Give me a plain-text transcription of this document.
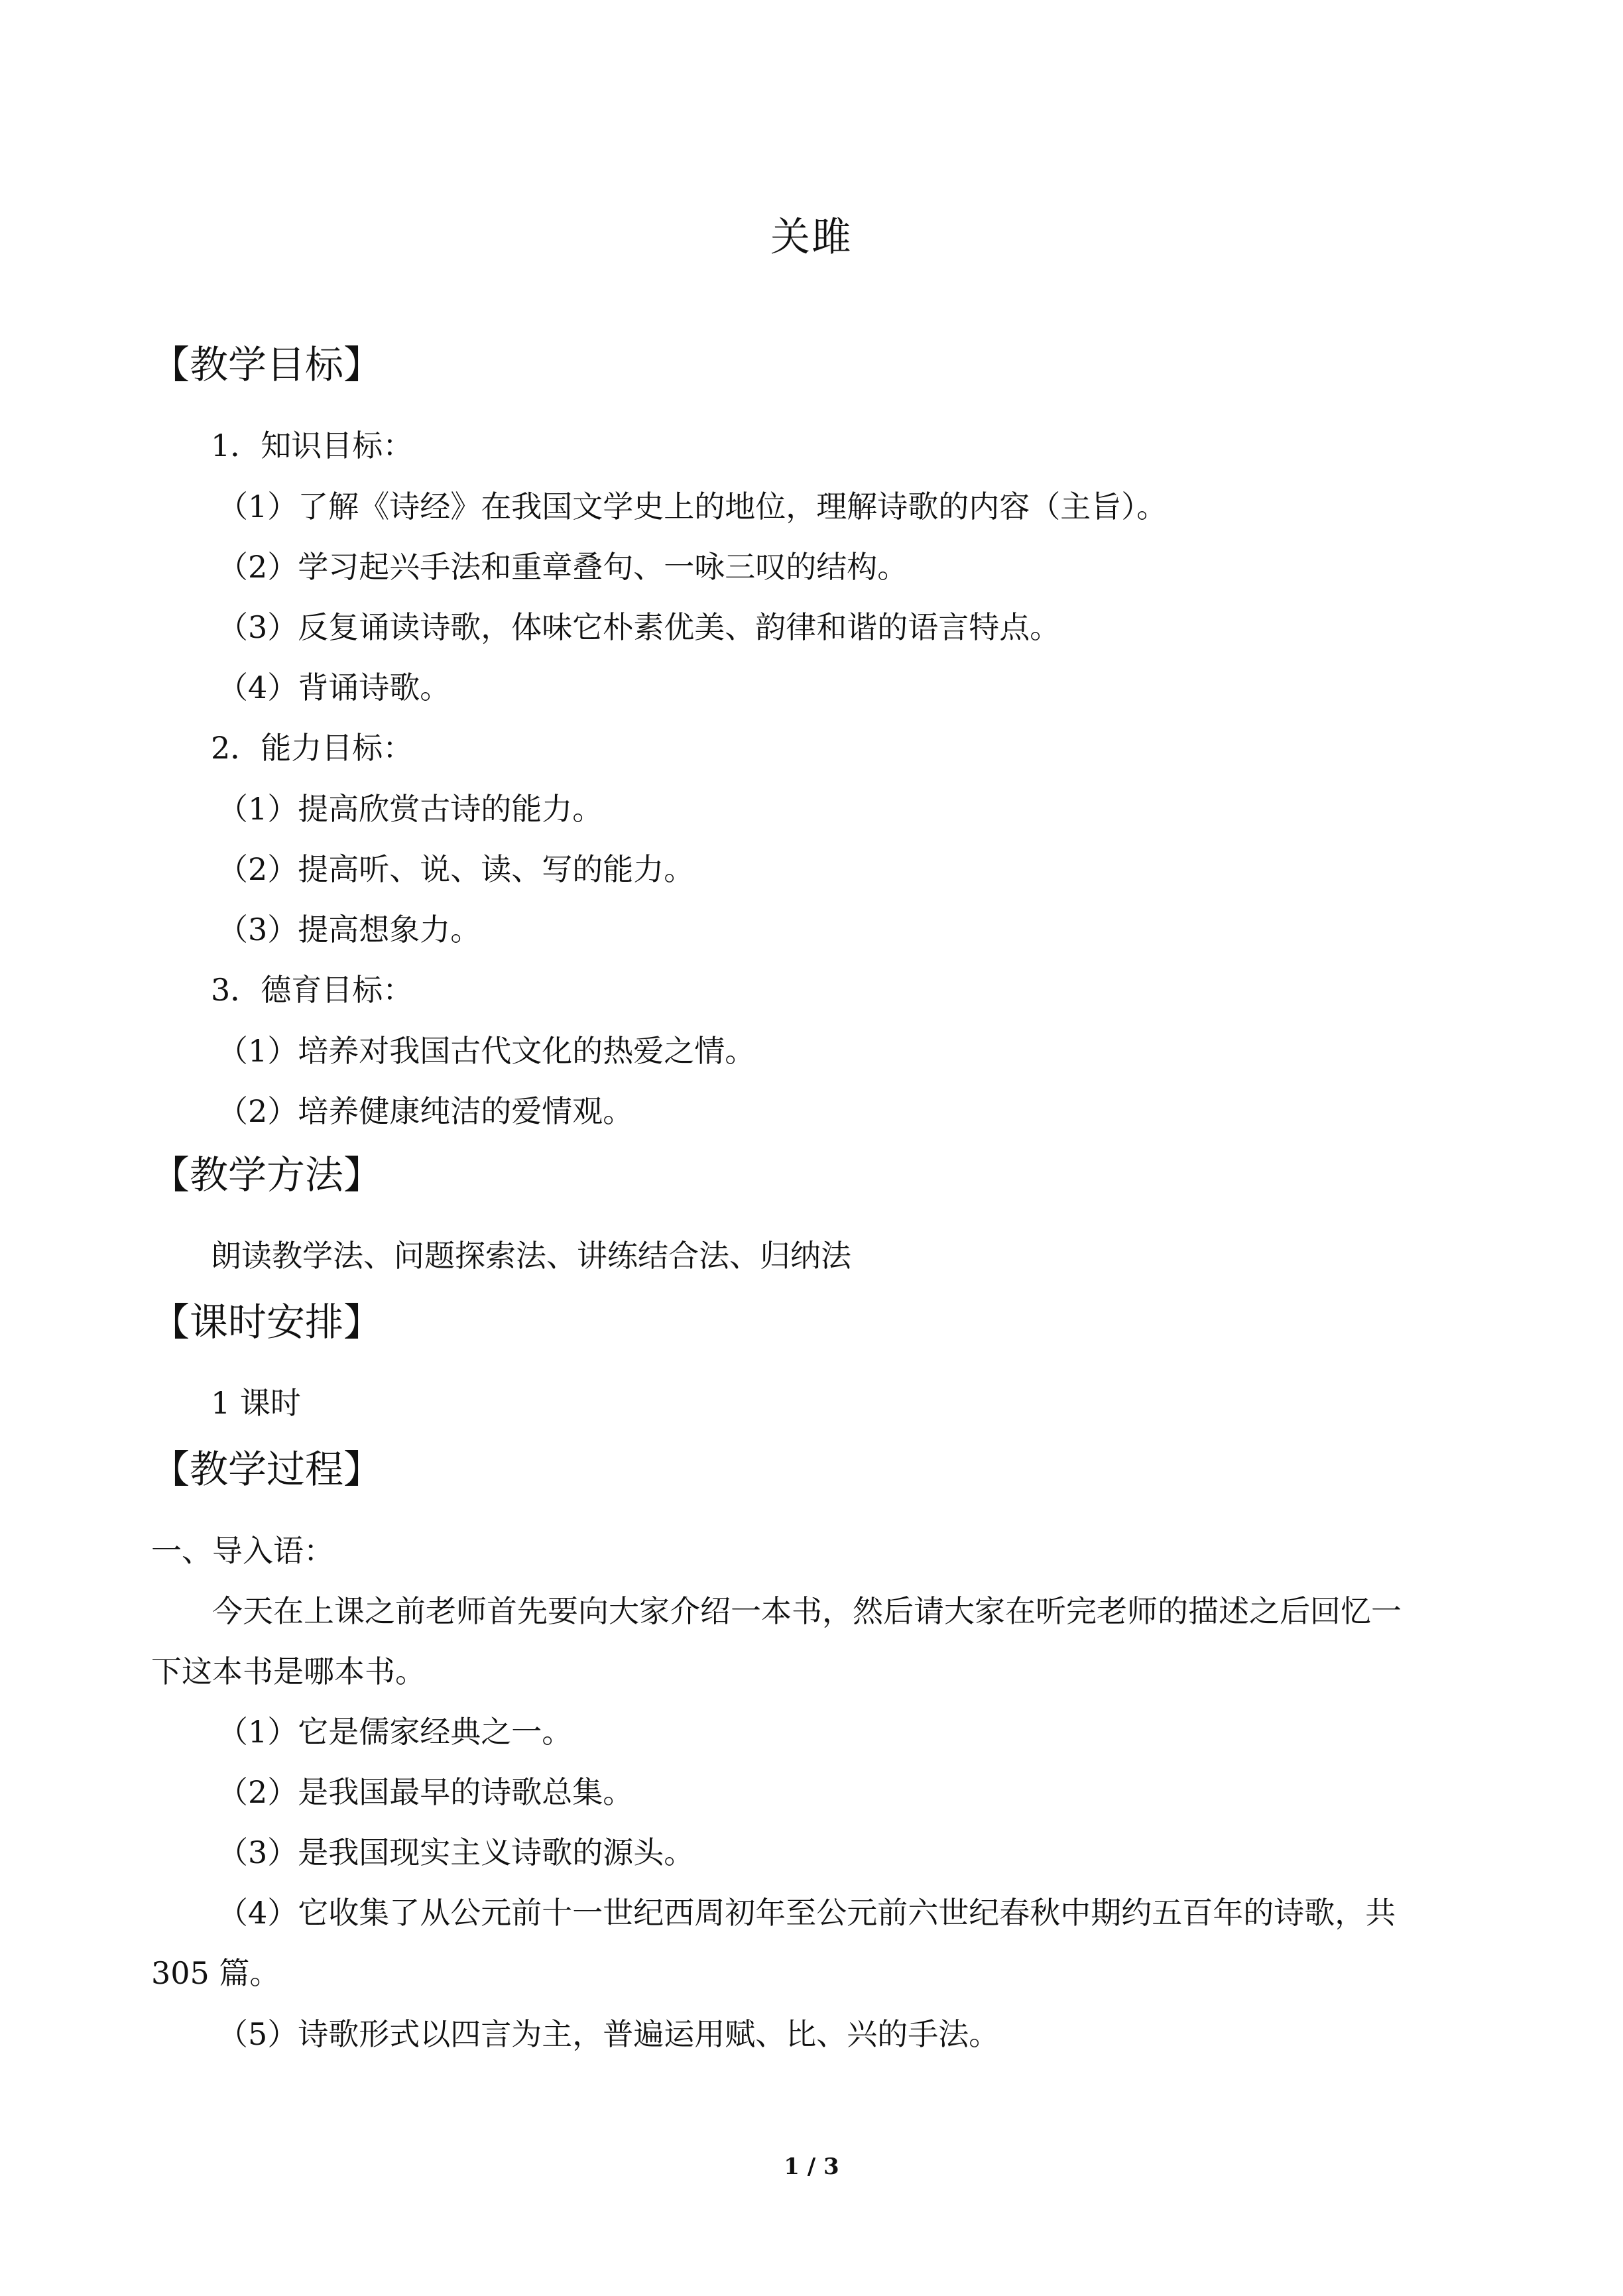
关雎
【教学目标】
1．知识目标：
（1）了解《诗经》在我国文学史上的地位，理解诗歌的内容（主旨）。
（2）学习起兴手法和重章叠句、一咏三叹的结构。
（3）反复诵读诗歌，体味它朴素优美、韵律和谐的语言特点。
（4）背诵诗歌。
2．能力目标：
（1）提高欣赏古诗的能力。
（2）提高听、说、读、写的能力。
（3）提高想象力。
3．德育目标：
（1）培养对我国古代文化的热爱之情。
（2）培养健康纯洁的爱情观。
【教学方法】
朗读教学法、问题探索法、讲练结合法、归纳法
【课时安排】
1 课时
【教学过程】
一、导入语：
今天在上课之前老师首先要向大家介绍一本书，然后请大家在听完老师的描述之后回忆一
下这本书是哪本书。
（1）它是儒家经典之一。
（2）是我国最早的诗歌总集。
（3）是我国现实主义诗歌的源头。
（4）它收集了从公元前十一世纪西周初年至公元前六世纪春秋中期约五百年的诗歌，共
305 篇。
（5）诗歌形式以四言为主，普遍运用赋、比、兴的手法。
1 / 3
